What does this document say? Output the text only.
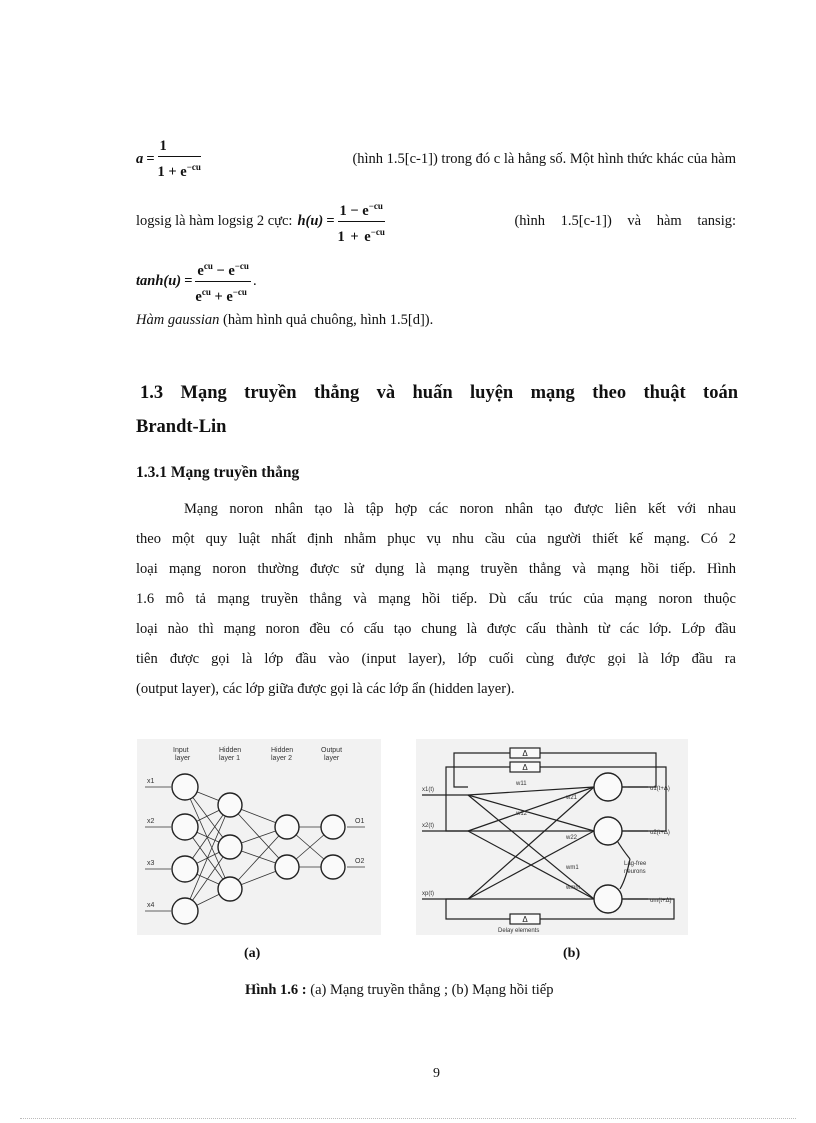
$a = \frac{1}{1 + e^{-cu}}$	(hình 1.5[c-1]) trong đó c là hằng số. Một hình thức khác của hàm
logsig là hàm logsig 2 cực: $h(u) = \frac{1 - e^{-cu}}{1 + e^{-cu}}$	(hình 1.5[c-1]) và hàm tansig:
$\tanh(u) = \frac{e^{cu} - e^{-cu}}{e^{cu} + e^{-cu}}$ .
Hàm gaussian (hàm hình quả chuông, hình 1.5[d]).
1.3 Mạng truyền thẳng và huấn luyện mạng theo thuật toán
Brandt-Lin
1.3.1 Mạng truyền thẳng
Mạng noron nhân tạo là tập hợp các noron nhân tạo được liên kết với nhau
theo một quy luật nhất định nhằm phục vụ nhu cầu của người thiết kế mạng. Có 2
loại mạng noron thường được sử dụng là mạng truyền thẳng và mạng hồi tiếp. Hình
1.6 mô tả mạng truyền thẳng và mạng hồi tiếp. Dù cấu trúc của mạng noron thuộc
loại nào thì mạng noron đều có cấu tạo chung là được cấu thành từ các lớp. Lớp đầu
tiên được gọi là lớp đầu vào (input layer), lớp cuối cùng được gọi là lớp đầu ra
(output layer), các lớp giữa được gọi là các lớp ẩn (hidden layer).
Input
layer
Hidden
layer 1
Hidden
layer 2
Output
layer
x1
x2
x3
x4
O1
O2
Δ
Δ
Δ
x1(t)
x2(t)
xp(t)
o1(t+Δ)
o2(t+Δ)
om(t+Δ)
w11
w21
w12
w22
wm1
wmm
Lag-free
neurons
Delay elements
(a)	(b)
Hình 1.6 : (a) Mạng truyền thẳng ; (b) Mạng hồi tiếp
9
